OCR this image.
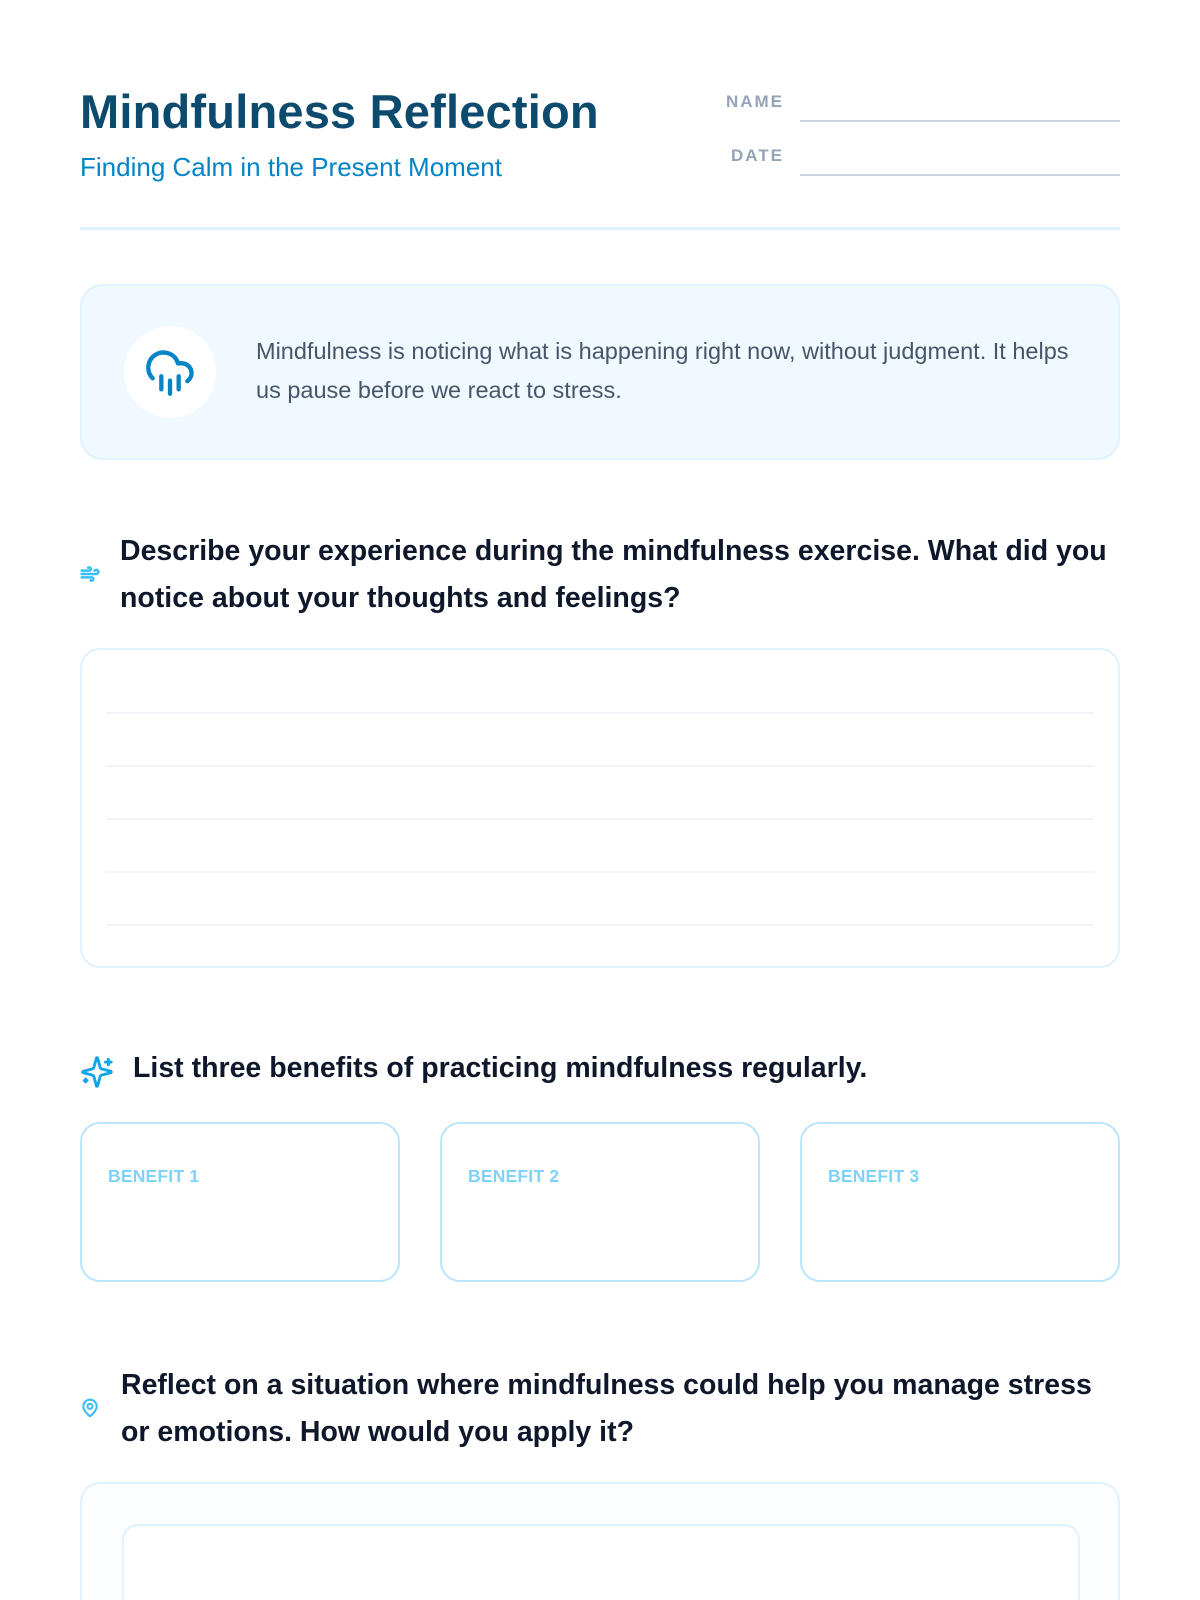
Mindfulness Reflection
Finding Calm in the Present Moment
NAME
DATE

Mindfulness is noticing what is happening right now, without judgment. It helps us pause before we react to stress.

Describe your experience during the mindfulness exercise. What did you notice about your thoughts and feelings?
List three benefits of practicing mindfulness regularly.
BENEFIT 1	BENEFIT 2	BENEFIT 3
Reflect on a situation where mindfulness could help you manage stress or emotions. How would you apply it?
